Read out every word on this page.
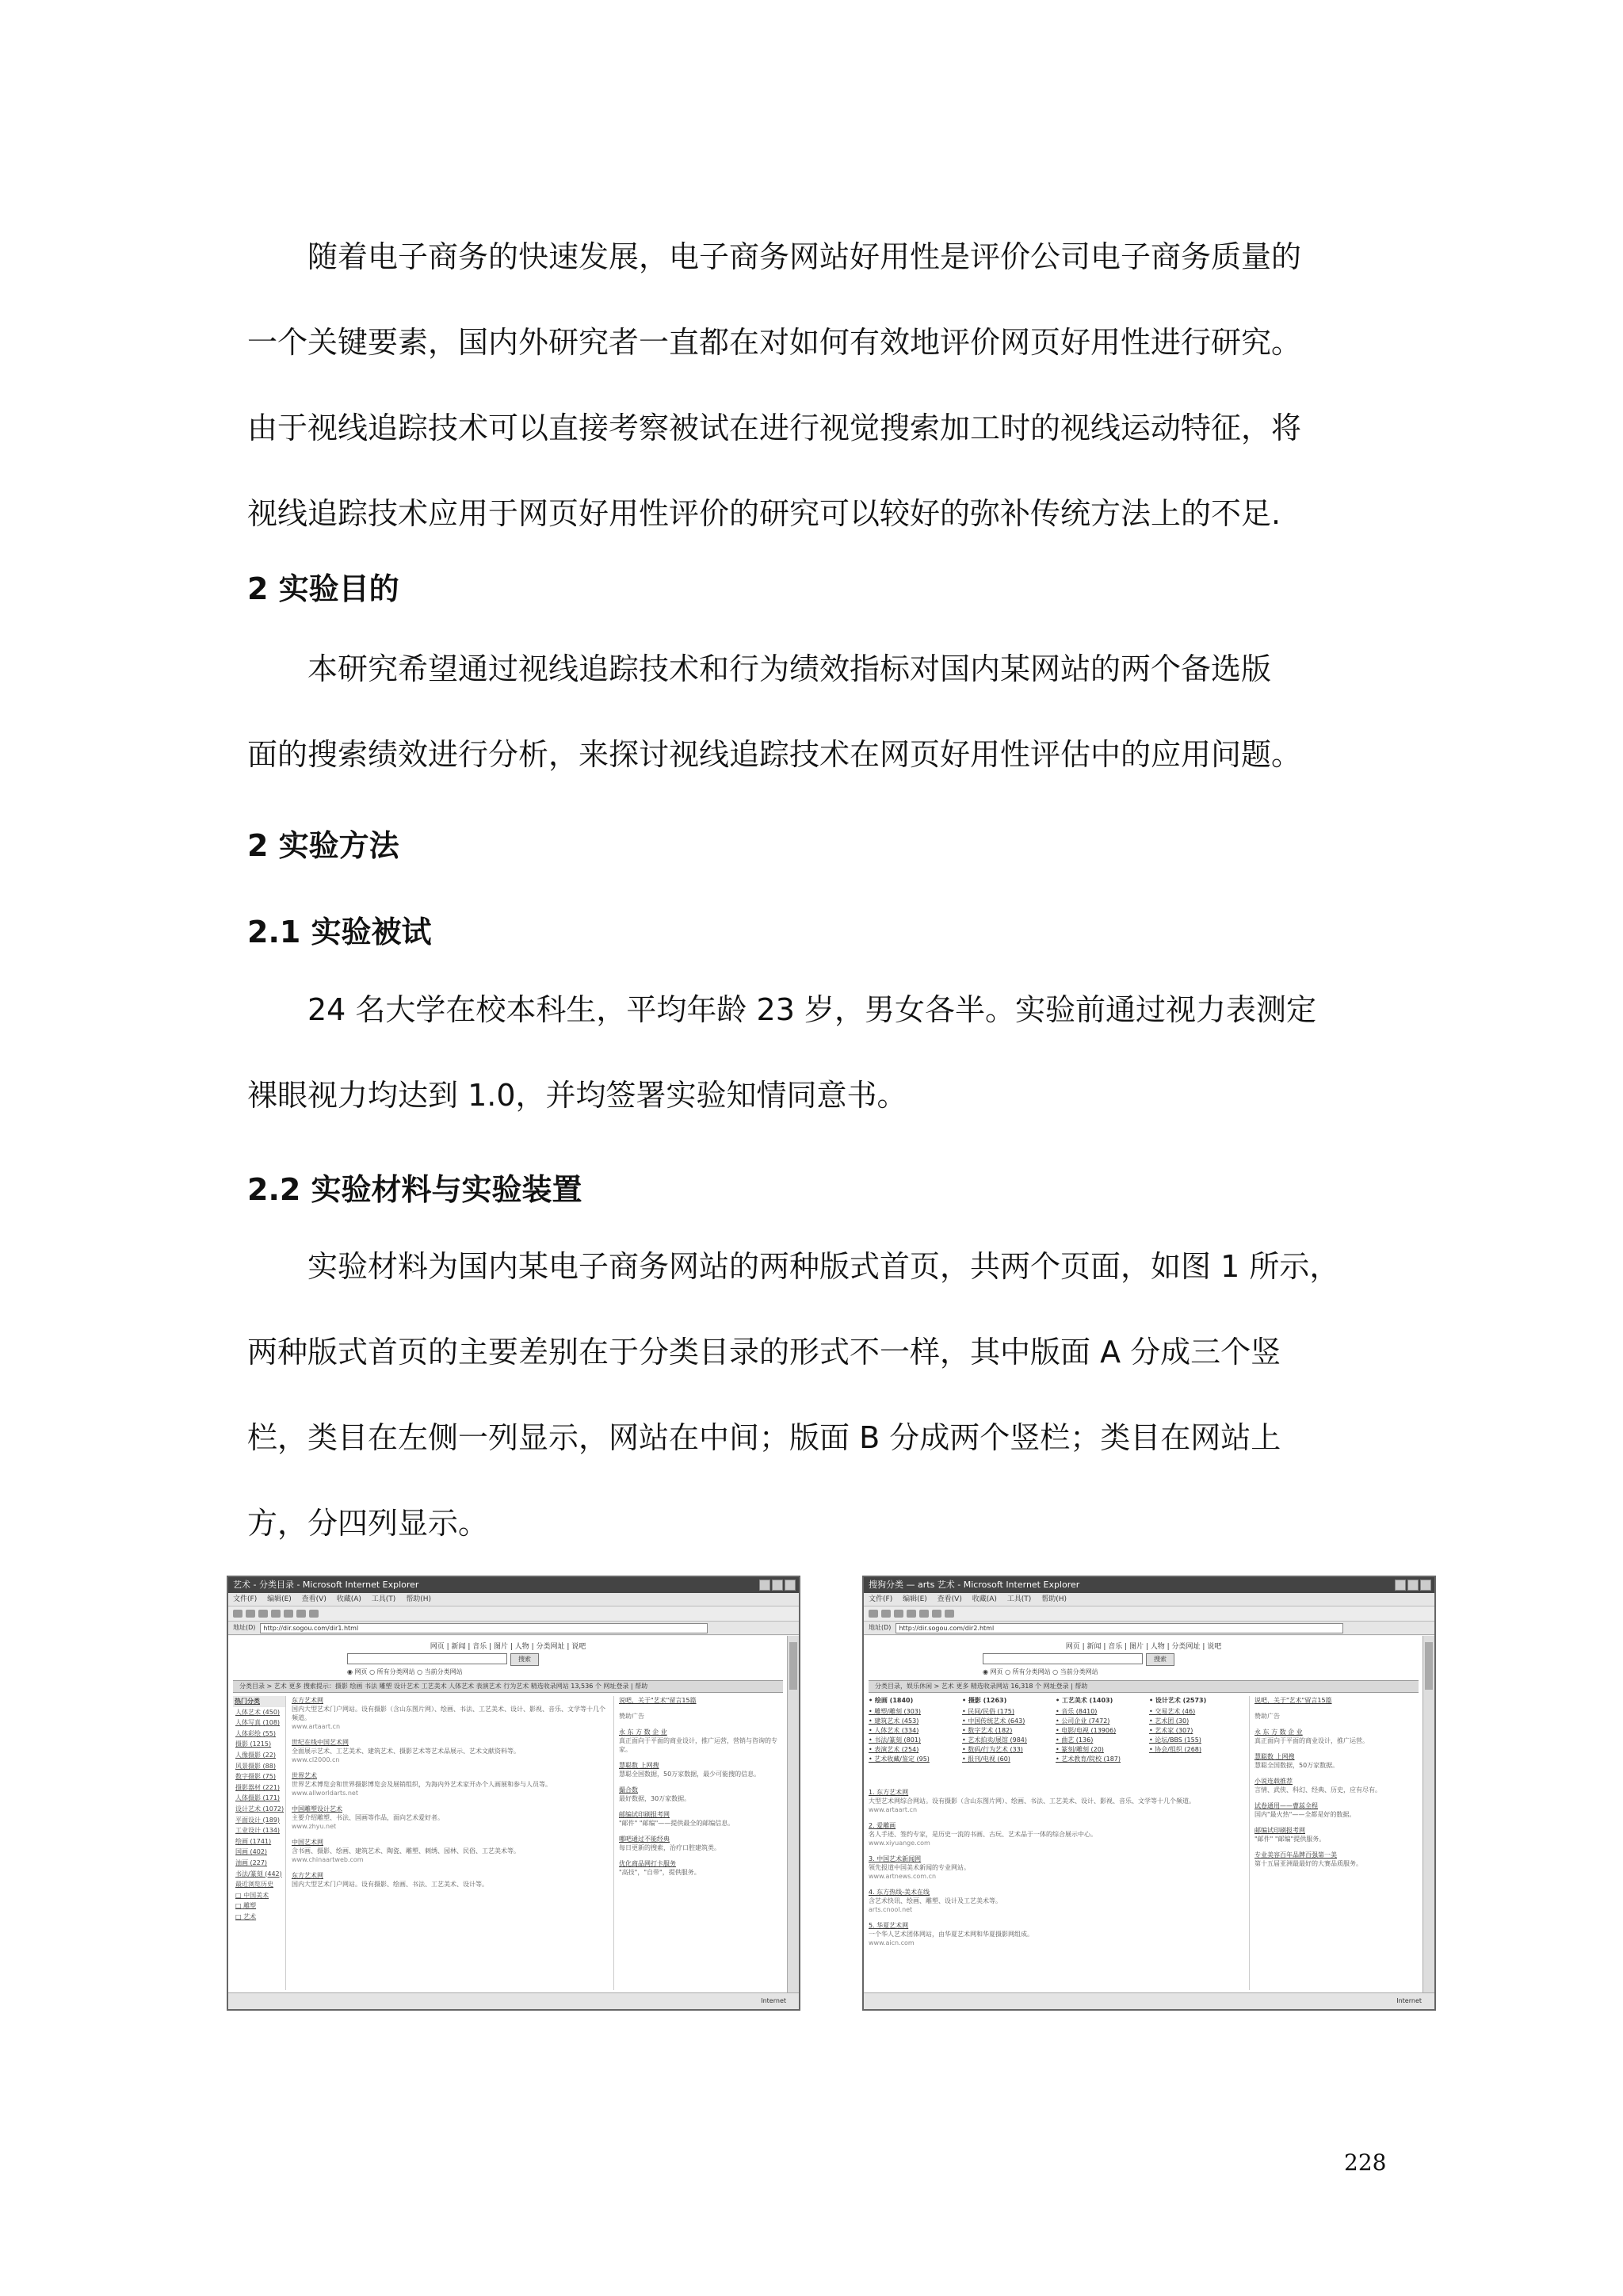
　　随着电子商务的快速发展，电子商务网站好用性是评价公司电子商务质量的
一个关键要素，国内外研究者一直都在对如何有效地评价网页好用性进行研究。
由于视线追踪技术可以直接考察被试在进行视觉搜索加工时的视线运动特征，将
视线追踪技术应用于网页好用性评价的研究可以较好的弥补传统方法上的不足.
2 实验目的
　　本研究希望通过视线追踪技术和行为绩效指标对国内某网站的两个备选版
面的搜索绩效进行分析，来探讨视线追踪技术在网页好用性评估中的应用问题。
2 实验方法
2.1 实验被试
　　24 名大学在校本科生，平均年龄 23 岁，男女各半。实验前通过视力表测定
裸眼视力均达到 1.0，并均签署实验知情同意书。
2.2 实验材料与实验装置
　　实验材料为国内某电子商务网站的两种版式首页，共两个页面，如图 1 所示，
两种版式首页的主要差别在于分类目录的形式不一样，其中版面 A 分成三个竖
栏，类目在左侧一列显示，网站在中间；版面 B 分成两个竖栏；类目在网站上
方，分四列显示。
艺术 - 分类目录 - Microsoft Internet Explorer
文件(F) 编辑(E) 查看(V) 收藏(A) 工具(T) 帮助(H)
地址(D)	http://dir.sogou.com/dir1.html
网页 | 新闻 | 音乐 | 图片 | 人物 | 分类网址 | 说吧
搜索
◉ 网页 ○ 所有分类网站 ○ 当前分类网站
分类目录 > 艺术 更多 搜索提示：摄影 绘画 书法 雕塑 设计艺术 工艺美术 人体艺术 表演艺术 行为艺术 精选收录网站 13,536 个 网址登录 | 帮助
热门分类
人体艺术 (450)
人体写真 (108)
人体彩绘 (55)
摄影 (1215)
人像摄影 (22)
风景摄影 (88)
数字摄影 (75)
摄影器材 (221)
人体摄影 (171)
设计艺术 (1072)
平面设计 (189)
工业设计 (134)
绘画 (1741)
国画 (402)
油画 (227)
书法/篆刻 (442)
最近浏览历史
□ 中国美术
□ 雕塑
□ 艺术
东方艺术网
国内大型艺术门户网站。设有摄影（含山东图片网）、绘画、书法、工艺美术、设计、影视、音乐、文学等十几个频道。
www.artaart.cn
世纪在线中国艺术网
全面展示艺术、工艺美术、建筑艺术、摄影艺术等艺术品展示、艺术文献资料等。
www.cl2000.cn
世界艺术
世界艺术博览会和世界摄影博览会及展销组织，为海内外艺术家开办个人画展和参与人员等。
www.allworldarts.net
中国雕塑设计艺术
主要介绍雕塑、书法、国画等作品，面向艺术爱好者。
www.zhyu.net
中国艺术网
含书画、摄影、绘画、建筑艺术、陶瓷、雕塑、刺绣、园林、民俗、工艺美术等。
www.chinaartweb.com
东方艺术网
国内大型艺术门户网站。设有摄影、绘画、书法、工艺美术、设计等。
说吧，关于"艺术"留言15篇
赞助广告
永 东 方 数 企 业
真正面向于平面的商业设计，推广运营，营销与咨询的专家。
慧聪数 上网搜
慧聪全国数据，50万家数据，最少可能搜的信息。
撮合数
最好数据，30万家数据。
邮编试印刷报考网
"邮件" "邮编"——提供最全的邮编信息。
哪吧通过不能经典
每日更新的搜索，治疗口腔建筑类。
优化商品网打卡服务
"高技"，"自带"，提供服务。
Internet
搜狗分类 — arts 艺术 - Microsoft Internet Explorer
文件(F) 编辑(E) 查看(V) 收藏(A) 工具(T) 帮助(H)
地址(D)	http://dir.sogou.com/dir2.html
网页 | 新闻 | 音乐 | 图片 | 人物 | 分类网址 | 说吧
搜索
◉ 网页 ○ 所有分类网站 ○ 当前分类网站
分类目录，娱乐休闲 > 艺术 更多 精选收录网站 16,318 个 网址登录 | 帮助
• 绘画 (1840)
• 雕塑/雕刻 (303)
• 建筑艺术 (453)
• 人体艺术 (334)
• 书法/篆刻 (801)
• 表演艺术 (254)
• 艺术收藏/鉴定 (95)
• 摄影 (1263)
• 民间/民俗 (175)
• 中国传统艺术 (643)
• 数字艺术 (182)
• 艺术拍卖/展馆 (984)
• 数码/行为艺术 (33)
• 报刊/电视 (60)
• 工艺美术 (1403)
• 音乐 (8410)
• 公司企业 (7472)
• 电影/电视 (13906)
• 曲艺 (136)
• 篆刻/雕刻 (20)
• 艺术教育/院校 (187)
• 设计艺术 (2573)
• 交易艺术 (46)
• 艺术团 (30)
• 艺术家 (307)
• 论坛/BBS (155)
• 协会/组织 (268)
1. 东方艺术网
大型艺术网综合网站。设有摄影（含山东图片网）、绘画、书法、工艺美术、设计、影视、音乐、文学等十几个频道。
www.artaart.cn
2. 爱雕画
名人手迹、签约专家，是历史一流的书画、古玩、艺术品于一体的综合展示中心。
www.xiyuange.com
3. 中国艺术新闻网
领先报道中国美术新闻的专业网站。
www.artnews.com.cn
4. 东方热线-美术在线
含艺术快讯、绘画、雕塑、设计及工艺美术等。
arts.cnool.net
5. 华夏艺术网
一个华人艺术团体网站，由华夏艺术网和华夏摄影网组成。
www.aicn.com
说吧，关于"艺术"留言15篇
赞助广告
永 东 方 数 企 业
真正面向于平面的商业设计，推广运营。
慧聪数 上网搜
慧聪全国数据，50万家数据。
小说连载推荐
言情、武侠、科幻、经典、历史，应有尽有。
试卷通用——曹蕊全程
国内"最火热"——全都是好的数据。
邮编试印刷报考网
"邮件" "邮编"提供服务。
专业美容百年品牌百强第一美
第十五届亚洲最最好的大赛品质服务。
Internet
228
